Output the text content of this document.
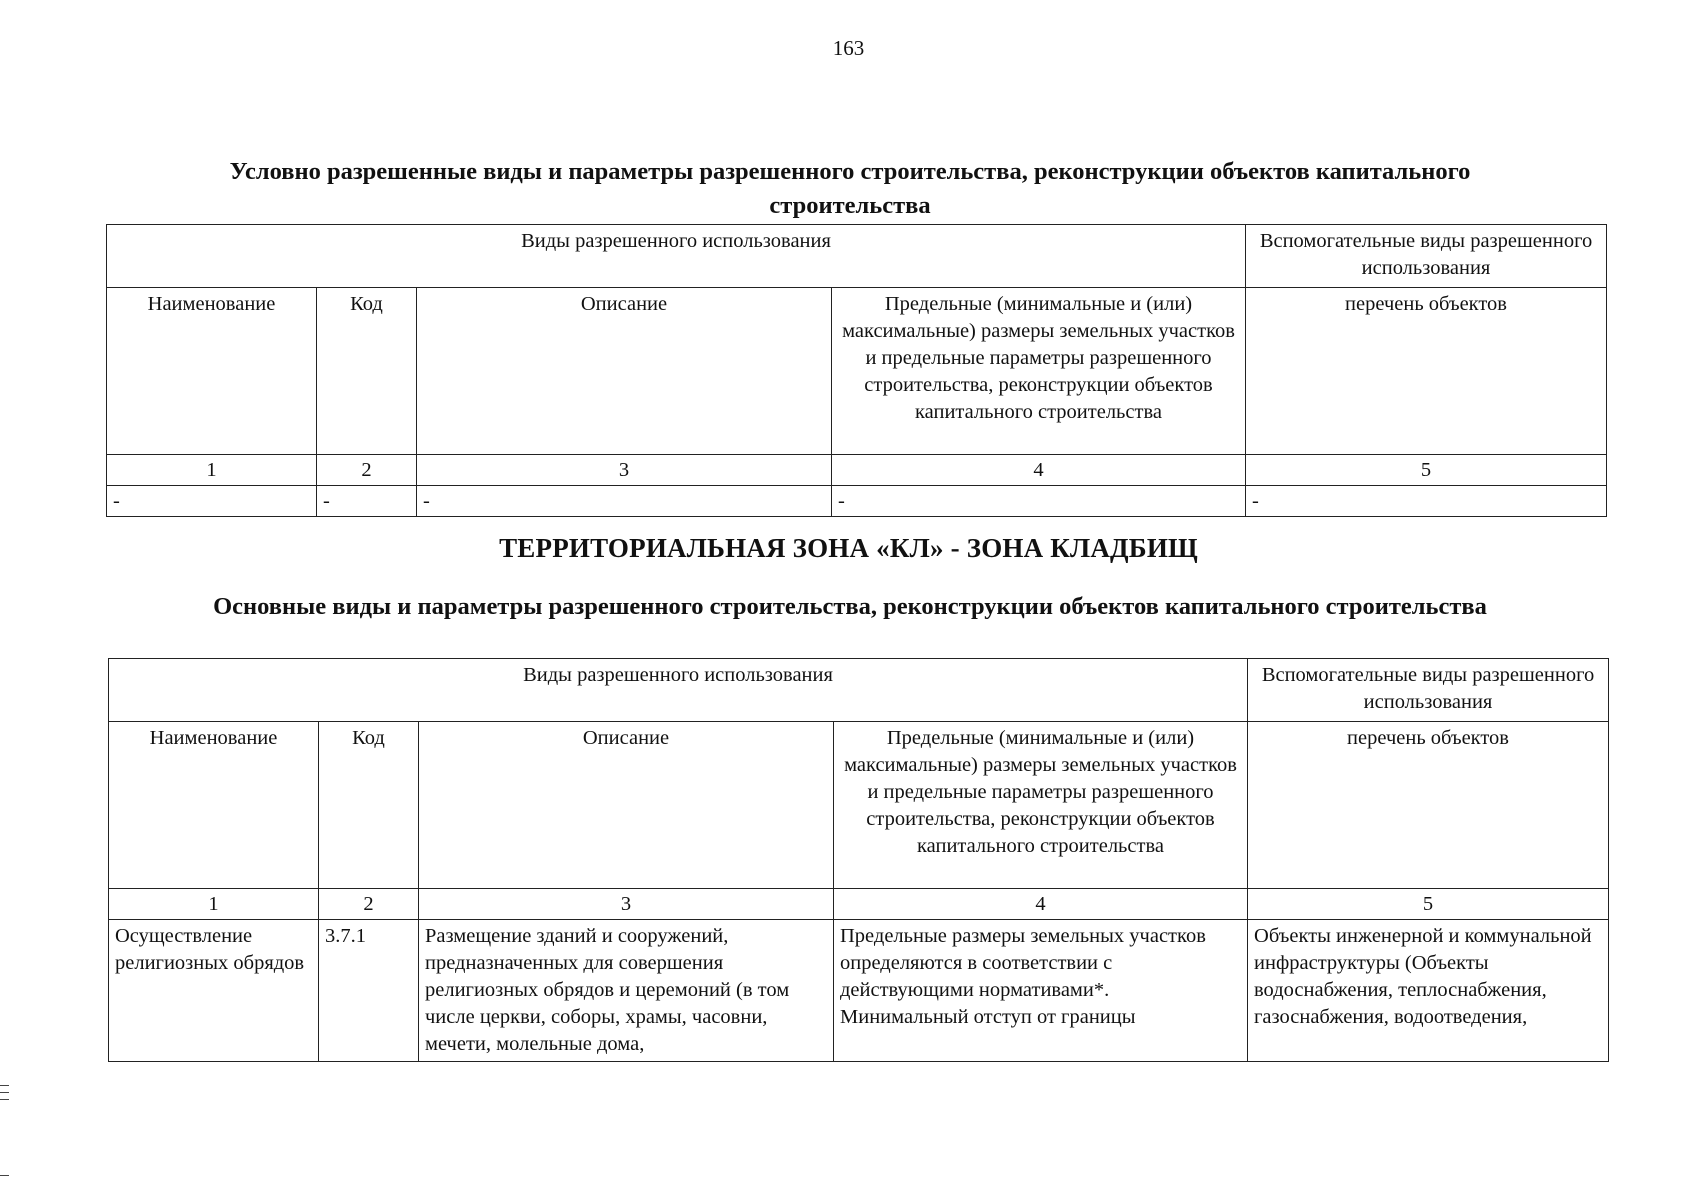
163
Условно разрешенные виды и параметры разрешенного строительства, реконструкции объектов капитального строительства
Виды разрешенного использования				Вспомогательные виды разрешенного использования
Наименование	Код	Описание	Предельные (минимальные и (или) максимальные) размеры земельных участков и предельные параметры разрешенного строительства, реконструкции объектов капитального строительства	перечень объектов
1	2	3	4	5
-	-	-	-	-
ТЕРРИТОРИАЛЬНАЯ ЗОНА «КЛ» - ЗОНА КЛАДБИЩ
Основные виды и параметры разрешенного строительства, реконструкции объектов капитального строительства
Виды разрешенного использования				Вспомогательные виды разрешенного использования
Наименование	Код	Описание	Предельные (минимальные и (или) максимальные) размеры земельных участков и предельные параметры разрешенного строительства, реконструкции объектов капитального строительства	перечень объектов
1	2	3	4	5
Осуществление религиозных обрядов	3.7.1	Размещение зданий и сооружений, предназначенных для совершения религиозных обрядов и церемоний (в том числе церкви, соборы, храмы, часовни, мечети, молельные дома,	Предельные размеры земельных участков определяются в соответствии с действующими нормативами*. Минимальный отступ от границы	Объекты инженерной и коммунальной инфраструктуры (Объекты водоснабжения, теплоснабжения, газоснабжения, водоотведения,
